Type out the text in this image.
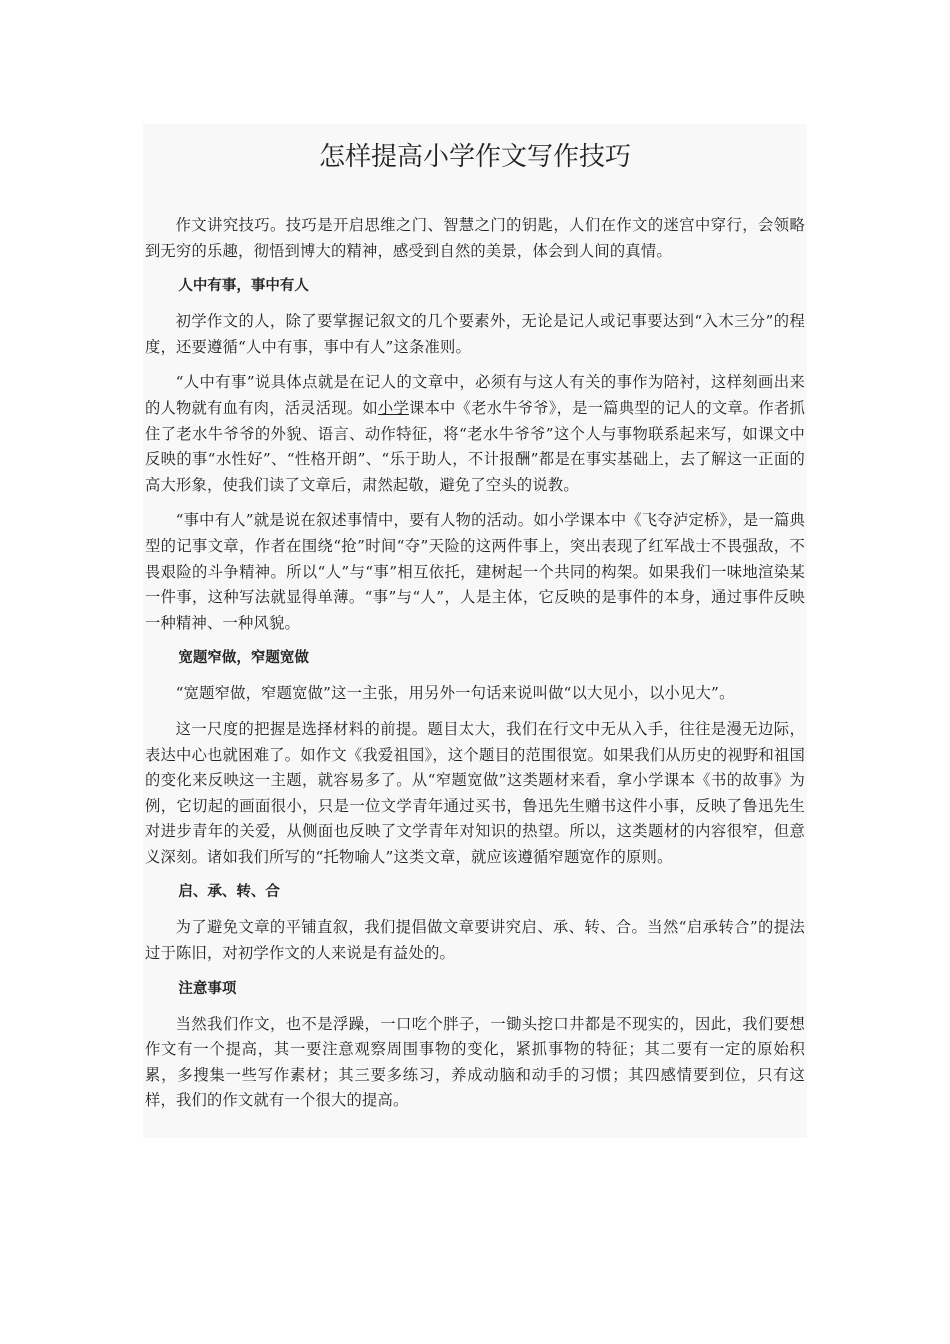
怎样提高小学作文写作技巧

作文讲究技巧。技巧是开启思维之门、智慧之门的钥匙，人们在作文的迷宫中穿行，会领略到无穷的乐趣，彻悟到博大的精神，感受到自然的美景，体会到人间的真情。

人中有事，事中有人

初学作文的人，除了要掌握记叙文的几个要素外，无论是记人或记事要达到“入木三分”的程度，还要遵循“人中有事，事中有人”这条准则。

“人中有事”说具体点就是在记人的文章中，必须有与这人有关的事作为陪衬，这样刻画出来的人物就有血有肉，活灵活现。如小学课本中《老水牛爷爷》，是一篇典型的记人的文章。作者抓住了老水牛爷爷的外貌、语言、动作特征，将“老水牛爷爷”这个人与事物联系起来写，如课文中反映的事“水性好”、“性格开朗”、“乐于助人，不计报酬”都是在事实基础上，去了解这一正面的高大形象，使我们读了文章后，肃然起敬，避免了空头的说教。

“事中有人”就是说在叙述事情中，要有人物的活动。如小学课本中《飞夺泸定桥》，是一篇典型的记事文章，作者在围绕“抢”时间“夺”天险的这两件事上，突出表现了红军战士不畏强敌，不畏艰险的斗争精神。所以“人”与“事”相互依托，建树起一个共同的构架。如果我们一味地渲染某一件事，这种写法就显得单薄。“事”与“人”，人是主体，它反映的是事件的本身，通过事件反映一种精神、一种风貌。

宽题窄做，窄题宽做

“宽题窄做，窄题宽做”这一主张，用另外一句话来说叫做“以大见小，以小见大”。

这一尺度的把握是选择材料的前提。题目太大，我们在行文中无从入手，往往是漫无边际，表达中心也就困难了。如作文《我爱祖国》，这个题目的范围很宽。如果我们从历史的视野和祖国的变化来反映这一主题，就容易多了。从“窄题宽做”这类题材来看，拿小学课本《书的故事》为例，它切起的画面很小，只是一位文学青年通过买书，鲁迅先生赠书这件小事，反映了鲁迅先生对进步青年的关爱，从侧面也反映了文学青年对知识的热望。所以，这类题材的内容很窄，但意义深刻。诸如我们所写的“托物喻人”这类文章，就应该遵循窄题宽作的原则。

启、承、转、合

为了避免文章的平铺直叙，我们提倡做文章要讲究启、承、转、合。当然“启承转合”的提法过于陈旧，对初学作文的人来说是有益处的。

注意事项

当然我们作文，也不是浮躁，一口吃个胖子，一锄头挖口井都是不现实的，因此，我们要想作文有一个提高，其一要注意观察周围事物的变化，紧抓事物的特征；其二要有一定的原始积累，多搜集一些写作素材；其三要多练习，养成动脑和动手的习惯；其四感情要到位，只有这样，我们的作文就有一个很大的提高。
